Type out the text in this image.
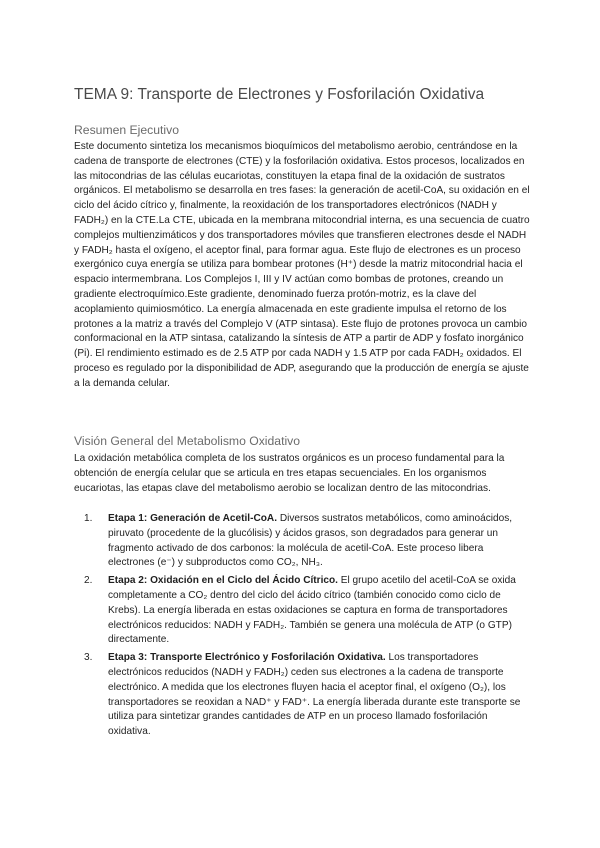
TEMA 9: Transporte de Electrones y Fosforilación Oxidativa
Resumen Ejecutivo

Este documento sintetiza los mecanismos bioquímicos del metabolismo aerobio, centrándose en la cadena de transporte de electrones (CTE) y la fosforilación oxidativa. Estos procesos, localizados en las mitocondrias de las células eucariotas, constituyen la etapa final de la oxidación de sustratos orgánicos. El metabolismo se desarrolla en tres fases: la generación de acetil-CoA, su oxidación en el ciclo del ácido cítrico y, finalmente, la reoxidación de los transportadores electrónicos (NADH y FADH₂) en la CTE.La CTE, ubicada en la membrana mitocondrial interna, es una secuencia de cuatro complejos multienzimáticos y dos transportadores móviles que transfieren electrones desde el NADH y FADH₂ hasta el oxígeno, el aceptor final, para formar agua. Este flujo de electrones es un proceso exergónico cuya energía se utiliza para bombear protones (H⁺) desde la matriz mitocondrial hacia el espacio intermembrana. Los Complejos I, III y IV actúan como bombas de protones, creando un gradiente electroquímico.Este gradiente, denominado fuerza protón-motriz, es la clave del acoplamiento quimiosmótico. La energía almacenada en este gradiente impulsa el retorno de los protones a la matriz a través del Complejo V (ATP sintasa). Este flujo de protones provoca un cambio conformacional en la ATP sintasa, catalizando la síntesis de ATP a partir de ADP y fosfato inorgánico (Pi). El rendimiento estimado es de 2.5 ATP por cada NADH y 1.5 ATP por cada FADH₂ oxidados. El proceso es regulado por la disponibilidad de ADP, asegurando que la producción de energía se ajuste a la demanda celular.

Visión General del Metabolismo Oxidativo

La oxidación metabólica completa de los sustratos orgánicos es un proceso fundamental para la obtención de energía celular que se articula en tres etapas secuenciales. En los organismos eucariotas, las etapas clave del metabolismo aerobio se localizan dentro de las mitocondrias.

1. Etapa 1: Generación de Acetil-CoA. Diversos sustratos metabólicos, como aminoácidos, piruvato (procedente de la glucólisis) y ácidos grasos, son degradados para generar un fragmento activado de dos carbonos: la molécula de acetil-CoA. Este proceso libera electrones (e⁻) y subproductos como CO₂, NH₃.
2. Etapa 2: Oxidación en el Ciclo del Ácido Cítrico. El grupo acetilo del acetil-CoA se oxida completamente a CO₂ dentro del ciclo del ácido cítrico (también conocido como ciclo de Krebs). La energía liberada en estas oxidaciones se captura en forma de transportadores electrónicos reducidos: NADH y FADH₂. También se genera una molécula de ATP (o GTP) directamente.
3. Etapa 3: Transporte Electrónico y Fosforilación Oxidativa. Los transportadores electrónicos reducidos (NADH y FADH₂) ceden sus electrones a la cadena de transporte electrónico. A medida que los electrones fluyen hacia el aceptor final, el oxígeno (O₂), los transportadores se reoxidan a NAD⁺ y FAD⁺. La energía liberada durante este transporte se utiliza para sintetizar grandes cantidades de ATP en un proceso llamado fosforilación oxidativa.
